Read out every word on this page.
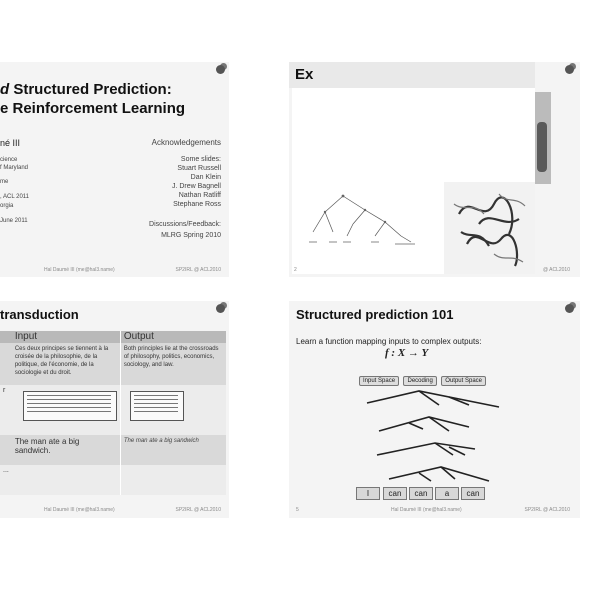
d Structured Prediction:
e Reinforcement Learning
né III
cience
f Maryland
me
, ACL 2011
orgia
June 2011
Acknowledgements
Some slides:
Stuart Russell
Dan Klein
J. Drew Bagnell
Nathan Ratliff
Stephane Ross
Discussions/Feedback:
MLRG Spring 2010
Hal Daumé III (me@hal3.name)	SP2IRL @ ACL2010
Ex
2	@ ACL2010
transduction
	Input	Output
	Ces deux principes se tiennent à la croisée de la philosophie, de la politique, de l'économie, de la sociologie et du droit.	Both principles lie at the crossroads of philosophy, politics, economics, sociology, and law.
r	

	The man ate a big sandwich.	The man ate a big sandwich
...		
Hal Daumé III (me@hal3.name)	SP2IRL @ ACL2010
Structured prediction 101
Learn a function mapping inputs to complex outputs:
f : X → Y
Input Space Decoding Output Space
I	can	can	a	can
5	Hal Daumé III (me@hal3.name)	SP2IRL @ ACL2010
